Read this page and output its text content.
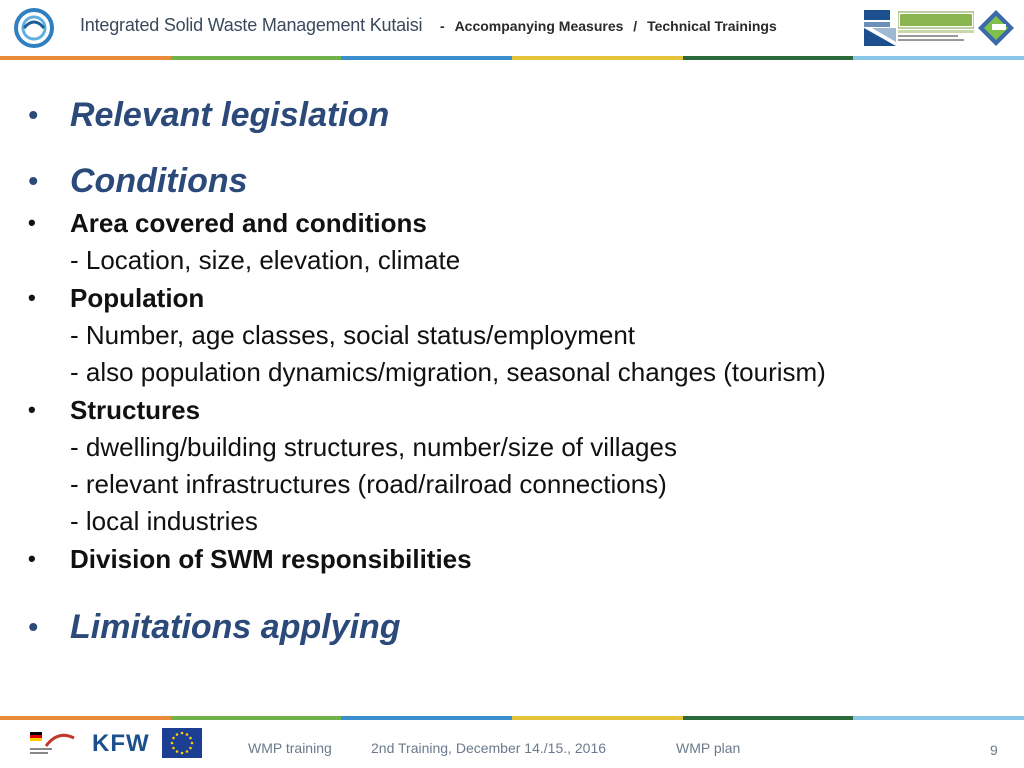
Integrated Solid Waste Management Kutaisi - Accompanying Measures / Technical Trainings
• Relevant legislation
• Conditions
• Area covered and conditions
- Location, size, elevation, climate
• Population
- Number, age classes, social status/employment
- also population dynamics/migration, seasonal changes (tourism)
• Structures
- dwelling/building structures, number/size of villages
- relevant infrastructures (road/railroad connections)
- local industries
• Division of SWM responsibilities
• Limitations applying
KFW	WMP training	2nd Training, December 14./15., 2016	WMP plan	9
